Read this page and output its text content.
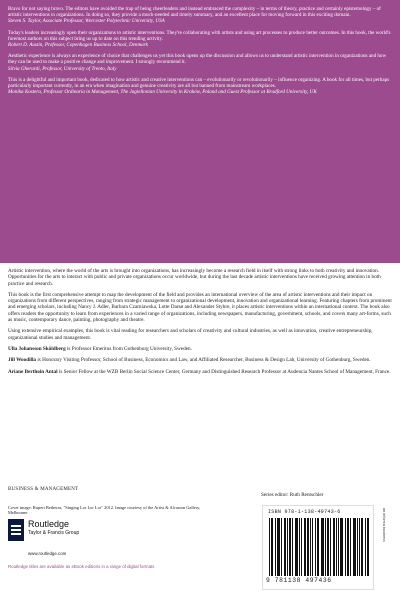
Bravo for not saying bravo. The editors have avoided the trap of being cheerleaders and instead embraced the complexity – in terms of theory, practice and certainly epistemology – of artistic interventions in organizations. In doing so, they provide a much-needed and timely summary, and an excellent place for moving forward in this exciting domain.

Steven S. Taylor, Associate Professor, Worcester Polytechnic University, USA

Today's leaders increasingly open their organizations to artistic interventions. They're collaborating with artists and using art processes to produce better outcomes. In this book, the world's foremost authors on this subject bring us up to date on this trending activity.

Robert D. Austin, Professor, Copenhagen Business School, Denmark

Aesthetic experience is always an experience of choice that challenges us yet this book opens up the discussion and allows us to understand artistic intervention in organizations and how they can be used to make a positive change and improvement. I strongly recommend it.

Silvia Gherardi, Professor, University of Trento, Italy

This is a delightful and important book, dedicated to how artistic and creative interventions can – evolutionarily or revolutionarily – influence organizing. A book for all times, but perhaps particularly important currently, in an era when imagination and genuine creativity are all but banned from mainstream workplaces.

Monika Kostera, Professor Ordinaria in Management, The Jagiellonian University in Kraków, Poland and Guest Professor at Bradford University, UK

Artistic intervention, where the world of the arts is brought into organizations, has increasingly become a research field in itself with strong links to both creativity and innovation. Opportunities for the arts to interact with public and private organizations occur worldwide, but during the last decade artistic interventions have received growing attention in both practice and research.

This book is the first comprehensive attempt to map the development of the field and provides an international overview of the area of artistic interventions and their impact on organizations from different perspectives, ranging from strategic management to organizational development, innovation and organizational learning. Featuring chapters from prominent and emerging scholars, including Nancy J. Adler, Barbara Czarniawska, Lotte Darsø and Alexander Styhre, it places artistic interventions within an international context. The book also offers readers the opportunity to learn from experiences in a varied range of organizations, including newspapers, manufacturing, government, schools, and covers many art-forms, such as music, contemporary dance, painting, photography and theatre.

Using extensive empirical examples, this book is vital reading for researchers and scholars of creativity and cultural industries, as well as innovation, creative entrepreneurship, organizational studies and management.

Ulla Johansson Sköldberg is Professor Emeritus from Gothenburg University, Sweden.

Jill Woodilla is Honorary Visiting Professor, School of Business, Economics and Law, and Affiliated Researcher, Business & Design Lab, University of Gothenburg, Sweden.

Ariane Berthoin Antal is Senior Fellow at the WZB Berlin Social Science Center, Germany and Distinguished Research Professor at Audencia Nantes School of Management, France.

BUSINESS & MANAGEMENT
Series editor: Ruth Rentschler
Cover image: Rupert Betheras, "Singing Lor Lor Lor" 2012. Image courtesy of the Artist & Alcaston Gallery, Melbourne.
Routledge
Taylor & Francis Group
www.routledge.com
Routledge titles are available as eBook editions in a range of digital formats
ISBN 978-1-138-49743-6
9 781138 497436
an informa business
